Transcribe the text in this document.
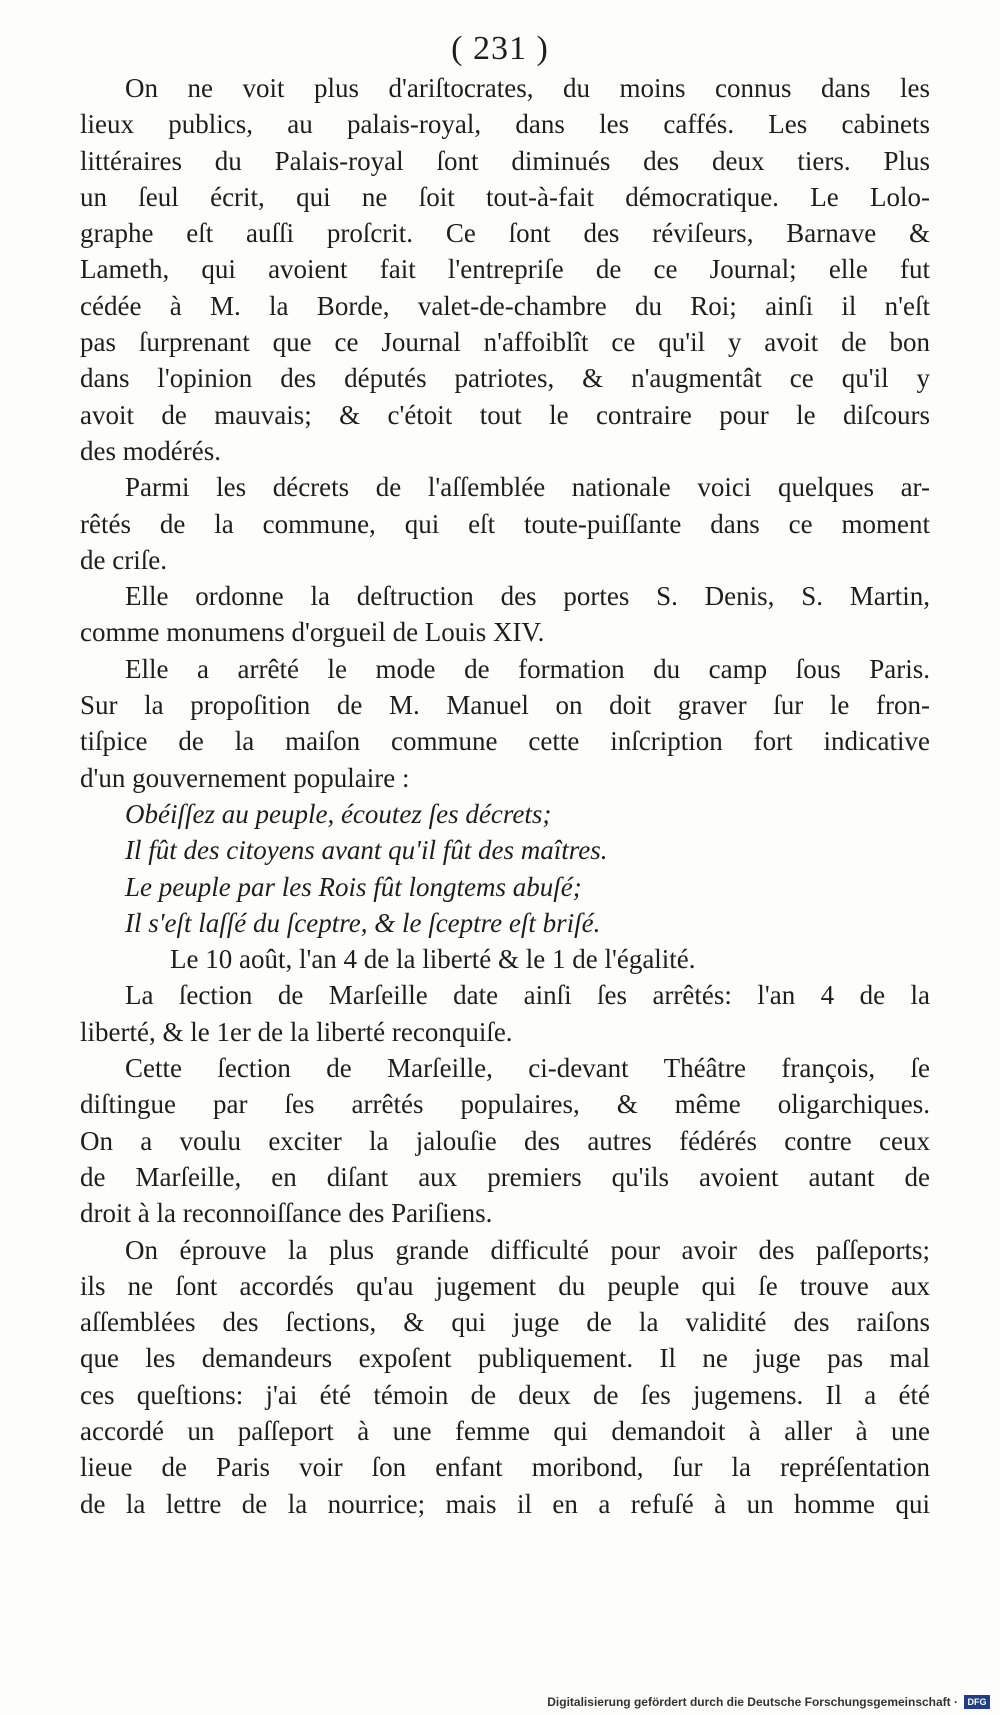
( 231 )
On ne voit plus d'ariſtocrates, du moins connus dans les
lieux publics, au palais-royal, dans les caffés. Les cabinets
littéraires du Palais-royal ſont diminués des deux tiers. Plus
un ſeul écrit, qui ne ſoit tout-à-fait démocratique. Le Lolo-
graphe eſt auſſi proſcrit. Ce ſont des réviſeurs, Barnave &
Lameth, qui avoient fait l'entrepriſe de ce Journal; elle fut
cédée à M. la Borde, valet-de-chambre du Roi; ainſi il n'eſt
pas ſurprenant que ce Journal n'affoiblît ce qu'il y avoit de bon
dans l'opinion des députés patriotes, & n'augmentât ce qu'il y
avoit de mauvais; & c'étoit tout le contraire pour le diſcours
des modérés.
Parmi les décrets de l'aſſemblée nationale voici quelques ar-
rêtés de la commune, qui eſt toute-puiſſante dans ce moment
de criſe.
Elle ordonne la deſtruction des portes S. Denis, S. Martin,
comme monumens d'orgueil de Louis XIV.
Elle a arrêté le mode de formation du camp ſous Paris.
Sur la propoſition de M. Manuel on doit graver ſur le fron-
tiſpice de la maiſon commune cette inſcription fort indicative
d'un gouvernement populaire :
Obéiſſez au peuple, écoutez ſes décrets;
Il fût des citoyens avant qu'il fût des maîtres.
Le peuple par les Rois fût longtems abuſé;
Il s'eſt laſſé du ſceptre, & le ſceptre eſt briſé.
Le 10 août, l'an 4 de la liberté & le 1 de l'égalité.
La ſection de Marſeille date ainſi ſes arrêtés: l'an 4 de la
liberté, & le 1er de la liberté reconquiſe.
Cette ſection de Marſeille, ci-devant Théâtre françois, ſe
diſtingue par ſes arrêtés populaires, & même oligarchiques.
On a voulu exciter la jalouſie des autres fédérés contre ceux
de Marſeille, en diſant aux premiers qu'ils avoient autant de
droit à la reconnoiſſance des Pariſiens.
On éprouve la plus grande difficulté pour avoir des paſſeports;
ils ne ſont accordés qu'au jugement du peuple qui ſe trouve aux
aſſemblées des ſections, & qui juge de la validité des raiſons
que les demandeurs expoſent publiquement. Il ne juge pas mal
ces queſtions: j'ai été témoin de deux de ſes jugemens. Il a été
accordé un paſſeport à une femme qui demandoit à aller à une
lieue de Paris voir ſon enfant moribond, ſur la repréſentation
de la lettre de la nourrice; mais il en a refuſé à un homme qui
Digitalisierung gefördert durch die Deutsche Forschungsgemeinschaft ·	DFG
